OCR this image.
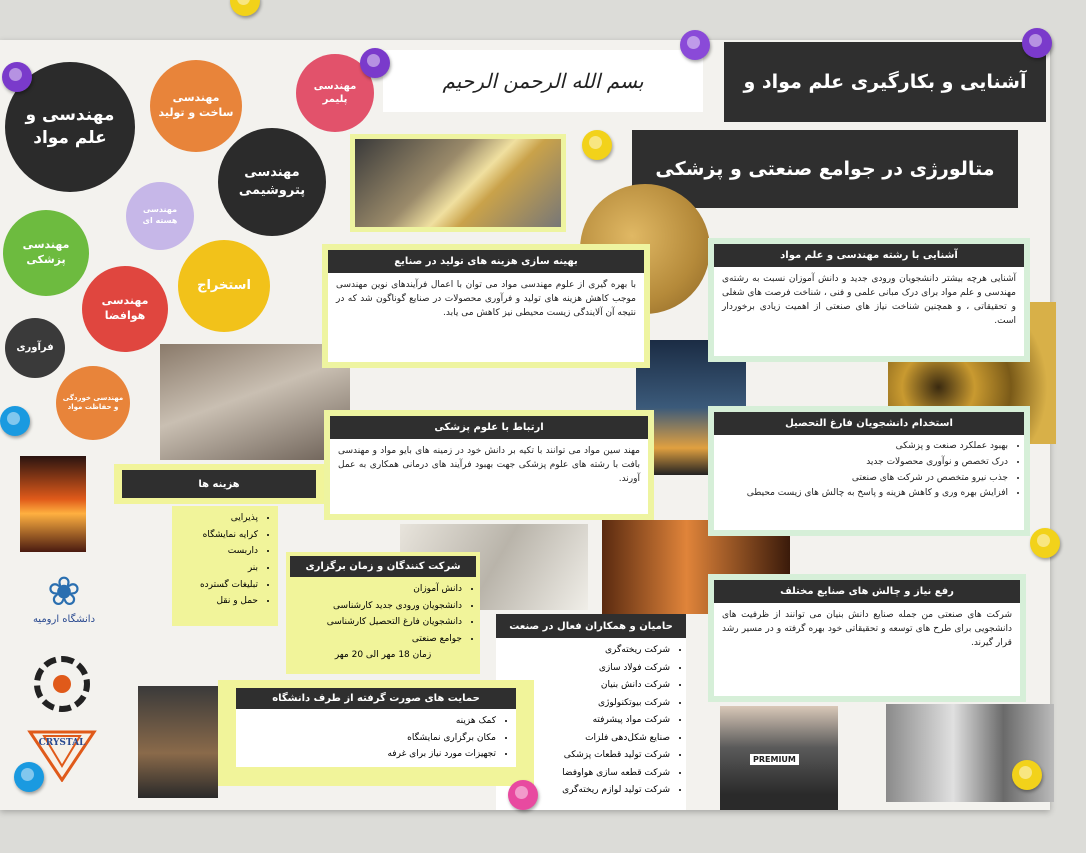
بسم الله الرحمن الرحیم	آشنایی و بکارگیری علم مواد و
متالورژی در جوامع صنعتی و پزشکی
مهندسی و علم مواد
مهندسی ساخت و تولید
مهندسی پلیمر
مهندسی پتروشیمی
مهندسی هسته ای
مهندسی پزشکی
استخراج
مهندسی هوافضا
فرآوری
مهندسی خوردگی و حفاظت مواد
PREMIUM
بهینه سازی هزینه های تولید در صنایع
با بهره گیری از علوم مهندسی مواد می توان با اعمال فرآیندهای نوین مهندسی موجب کاهش هزینه های تولید و فرآوری محصولات در صنایع گوناگون شد که در نتیجه آن آلایندگی زیست محیطی نیز کاهش می یابد.
آشنایی با رشته مهندسی و علم مواد
آشنایی هرچه بیشتر دانشجویان ورودی جدید و دانش آموزان نسبت به رشته‌ی مهندسی و علم مواد برای درک مبانی علمی و فنی ، شناخت فرصت های شغلی و تحقیقاتی ، و همچنین شناخت نیاز های صنعتی از اهمیت زیادی برخوردار است.
ارتباط با علوم پزشکی
مهند سین مواد می توانند با تکیه بر دانش خود در زمینه های بایو مواد و مهندسی بافت با رشته های علوم پزشکی جهت بهبود فرآیند های درمانی همکاری به عمل آورند.
استخدام دانشجویان فارغ التحصیل
• بهبود عملکرد صنعت و پزشکی
• درک تخصص و نوآوری محصولات جدید
• جذب نیرو متخصص در شرکت های صنعتی
• افزایش بهره وری و کاهش هزینه و پاسخ به چالش های زیست محیطی
هزینه ها
• پذیرایی
• کرایه نمایشگاه
• داربست
• بنر
• تبلیغات گسترده
• حمل و نقل
شرکت کنندگان و زمان برگزاری
• دانش آموزان
• دانشجویان ورودی جدید کارشناسی
• دانشجویان فارغ التحصیل کارشناسی
• جوامع صنعتی
زمان 18 مهر الی 20 مهر
حامیان و همکاران فعال در صنعت
• شرکت ریخته‌گری
• شرکت فولاد سازی
• شرکت دانش بنیان
• شرکت بیوتکنولوژی
• شرکت مواد پیشرفته
• صنایع شکل‌دهی فلزات
• شرکت تولید قطعات پزشکی
• شرکت قطعه سازی هواوفضا
• شرکت تولید لوازم ریخته‌گری
حمایت های صورت گرفته از طرف دانشگاه
• کمک هزینه
• مکان برگزاری نمایشگاه
• تجهیزات مورد نیاز برای غرفه
رفع نیاز و چالش های صنایع مختلف
شرکت های صنعتی من جمله صنایع دانش بنیان می توانند از ظرفیت های دانشجویی برای طرح های توسعه و تحقیقاتی خود بهره گرفته و در مسیر رشد قرار گیرند.
❀
دانشگاه ارومیه
CRYSTAL
